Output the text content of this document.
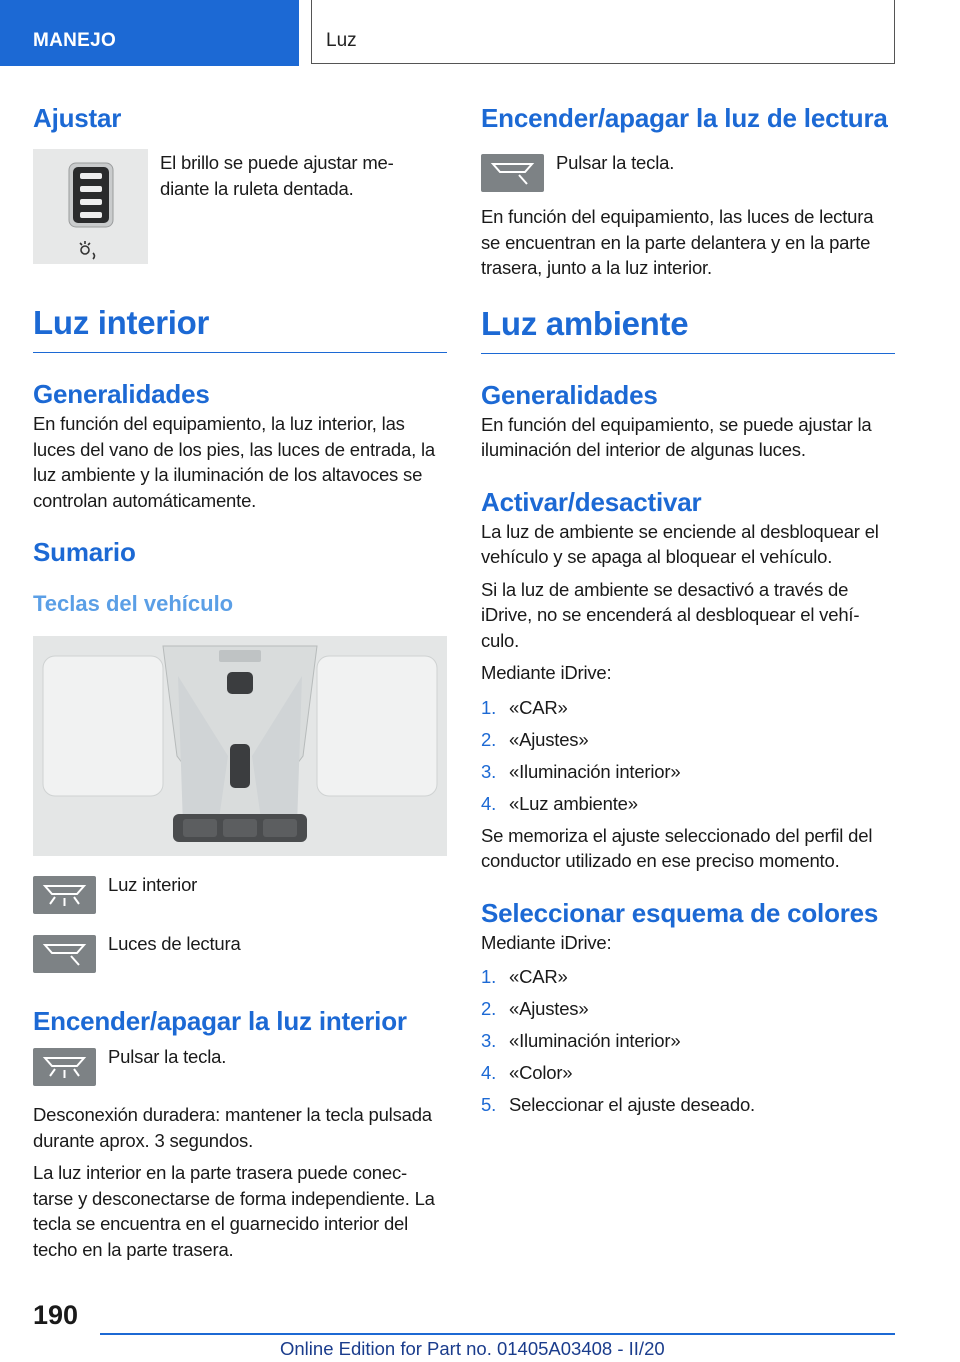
MANEJO	Luz
Ajustar
El brillo se puede ajustar me-
diante la ruleta dentada.
Luz interior
Generalidades

En función del equipamiento, la luz interior, las luces del vano de los pies, las luces de entrada, la luz ambiente y la iluminación de los altavoces se controlan automáticamente.

Sumario
Teclas del vehículo
Luz interior
Luces de lectura
Encender/apagar la luz interior
Pulsar la tecla.

Desconexión duradera: mantener la tecla pulsada durante aprox. 3 segundos.

La luz interior en la parte trasera puede conec-tarse y desconectarse de forma independiente. La tecla se encuentra en el guarnecido interior del techo en la parte trasera.

Encender/apagar la luz de lectura
Pulsar la tecla.

En función del equipamiento, las luces de lectura se encuentran en la parte delantera y en la parte trasera, junto a la luz interior.

Luz ambiente
Generalidades

En función del equipamiento, se puede ajustar la iluminación del interior de algunas luces.

Activar/desactivar

La luz de ambiente se enciende al desbloquear el vehículo y se apaga al bloquear el vehículo.

Si la luz de ambiente se desactivó a través de iDrive, no se encenderá al desbloquear el vehí-culo.

Mediante iDrive:

1. «CAR»
2. «Ajustes»
3. «Iluminación interior»
4. «Luz ambiente»

Se memoriza el ajuste seleccionado del perfil del conductor utilizado en ese preciso momento.

Seleccionar esquema de colores

Mediante iDrive:

1. «CAR»
2. «Ajustes»
3. «Iluminación interior»
4. «Color»
5. Seleccionar el ajuste deseado.
190
Online Edition for Part no. 01405A03408 - II/20
